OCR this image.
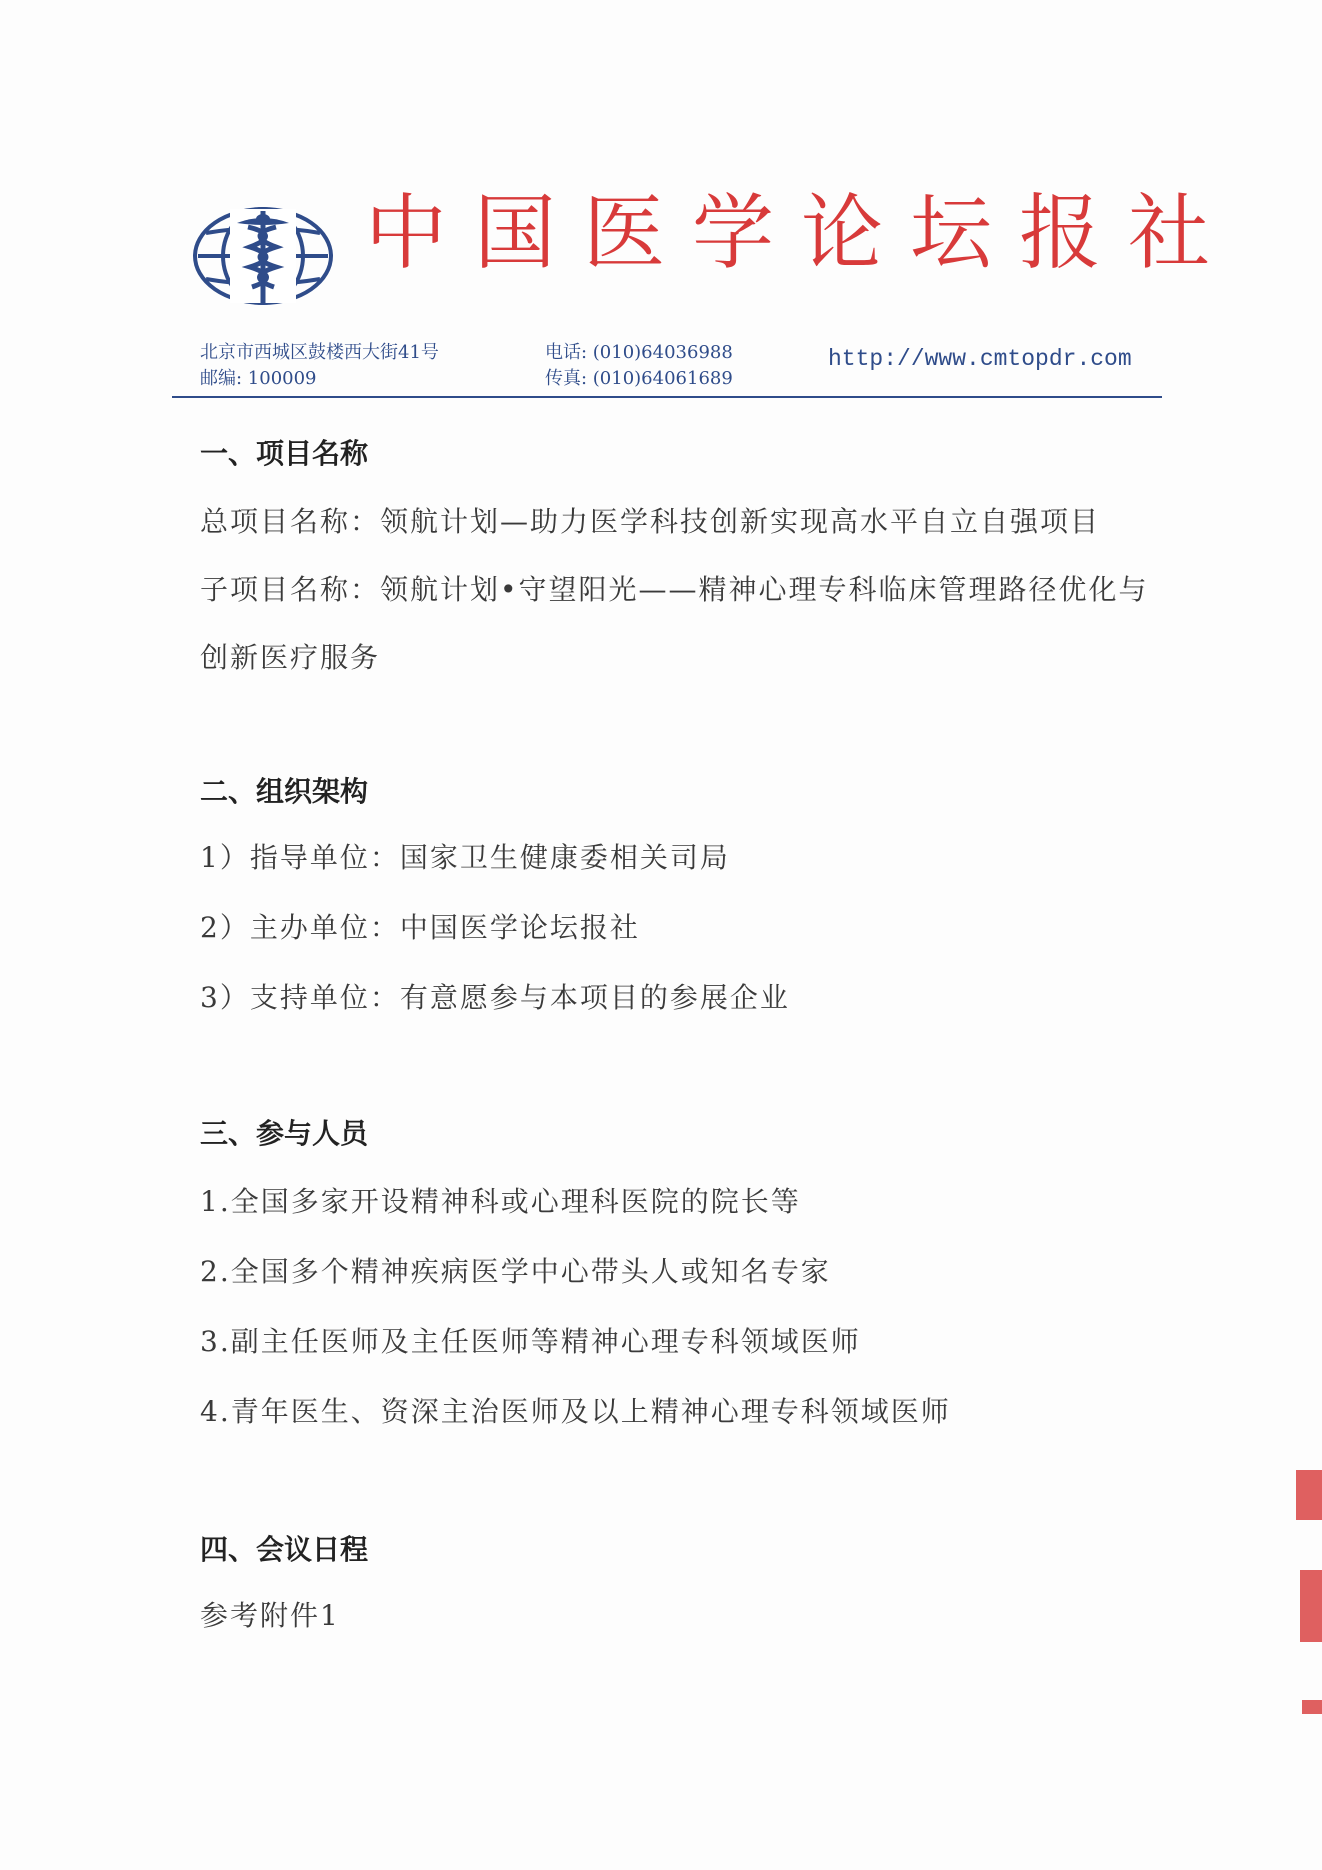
中国医学论坛报社
北京市西城区鼓楼西大街41号
邮编: 100009
电话: (010)64036988
传真: (010)64061689
http://www.cmtopdr.com
一、项目名称
总项目名称：领航计划—助力医学科技创新实现高水平自立自强项目
子项目名称：领航计划•守望阳光——精神心理专科临床管理路径优化与创新医疗服务
二、组织架构
1）指导单位：国家卫生健康委相关司局
2）主办单位：中国医学论坛报社
3）支持单位：有意愿参与本项目的参展企业
三、参与人员
1.全国多家开设精神科或心理科医院的院长等
2.全国多个精神疾病医学中心带头人或知名专家
3.副主任医师及主任医师等精神心理专科领域医师
4.青年医生、资深主治医师及以上精神心理专科领域医师
四、会议日程
参考附件1
